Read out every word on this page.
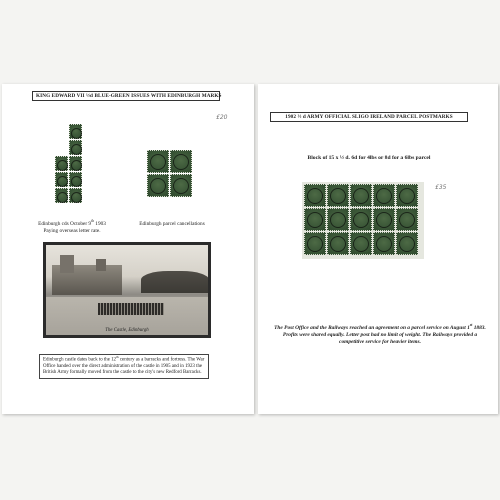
KING EDWARD VII ½d BLUE-GREEN ISSUES WITH EDINBURGH MARKS
£20
Edinburgh cds October 9th 1903
Paying overseas letter rate.
Edinburgh parcel cancellations
The Castle, Edinburgh
Edinburgh castle dates back to the 12th century as a barracks and fortress. The War Office handed over the direct administration of the castle in 1905 and in 1923 the British Army formally moved from the castle to the city's new Redford Barracks.
1902 ½ d ARMY OFFICIAL SLIGO IRELAND PARCEL POSTMARKS
Block of 15 x ½ d. 6d for 4lbs or 8d for a 6lbs parcel
£35
The Post Office and the Railways reached an agreement on a parcel service on August 1st 1883. Profits were shared equally. Letter post had no limit of weight. The Railways provided a competitive service for heavier items.
